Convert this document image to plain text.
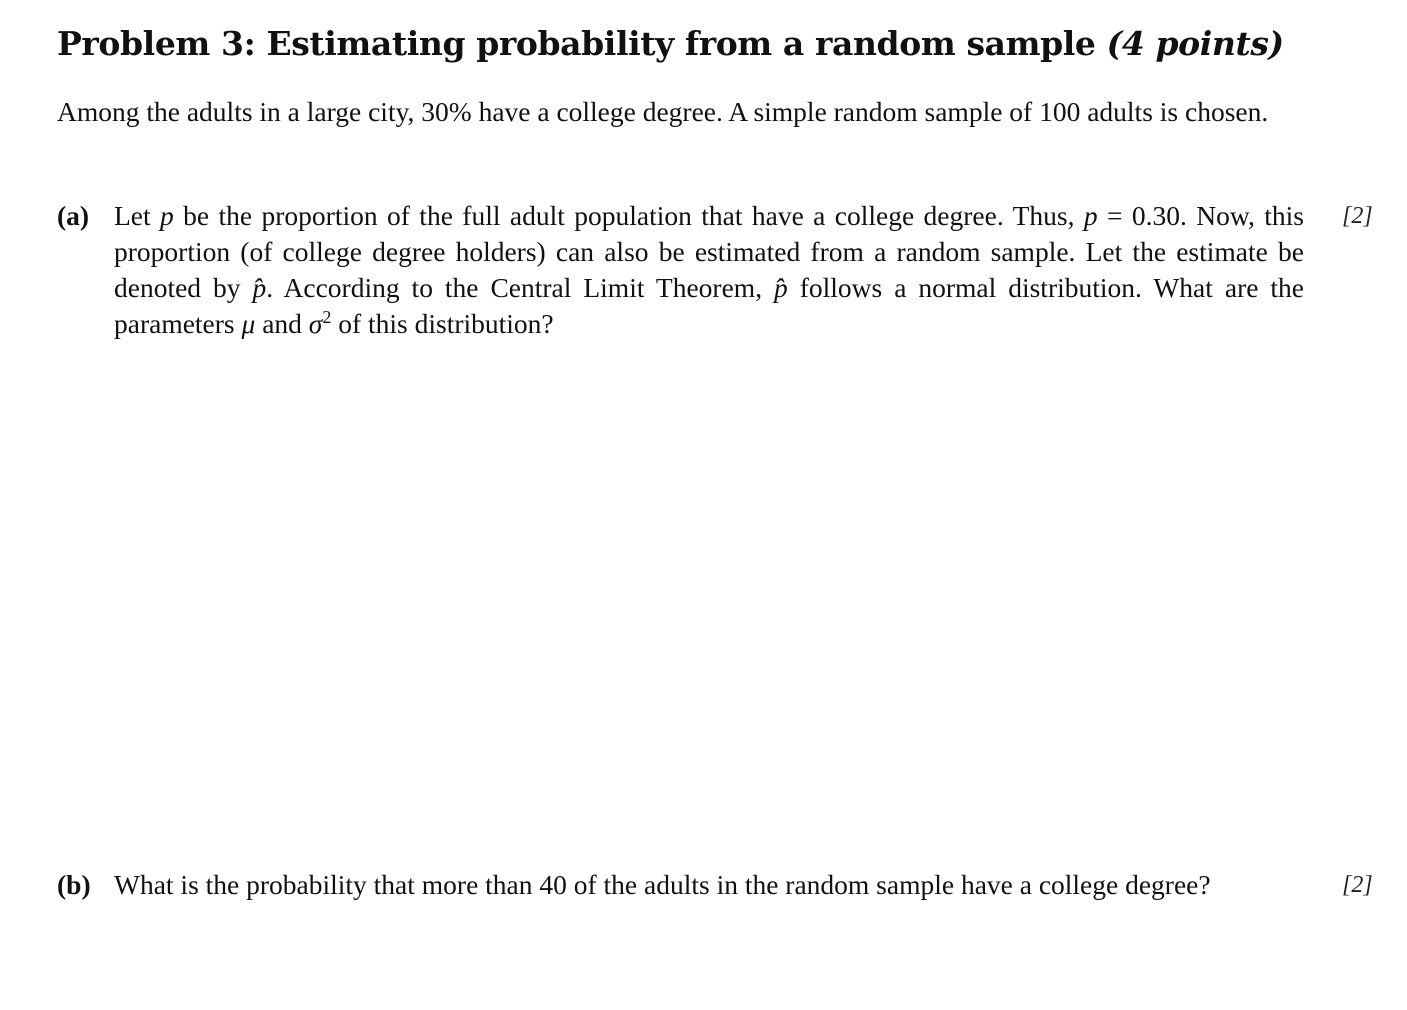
Problem 3: Estimating probability from a random sample (4 points)

Among the adults in a large city, 30% have a college degree. A simple random sample of 100 adults is chosen.

(a) Let p be the proportion of the full adult population that have a college degree. Thus, p = 0.30. Now, this proportion (of college degree holders) can also be estimated from a random sample. Let the estimate be denoted by p̂. According to the Central Limit Theorem, p̂ follows a normal distribution. What are the parameters μ and $\sigma^2$ of this distribution?

[2]
(b) What is the probability that more than 40 of the adults in the random sample have a college degree?	[2]
